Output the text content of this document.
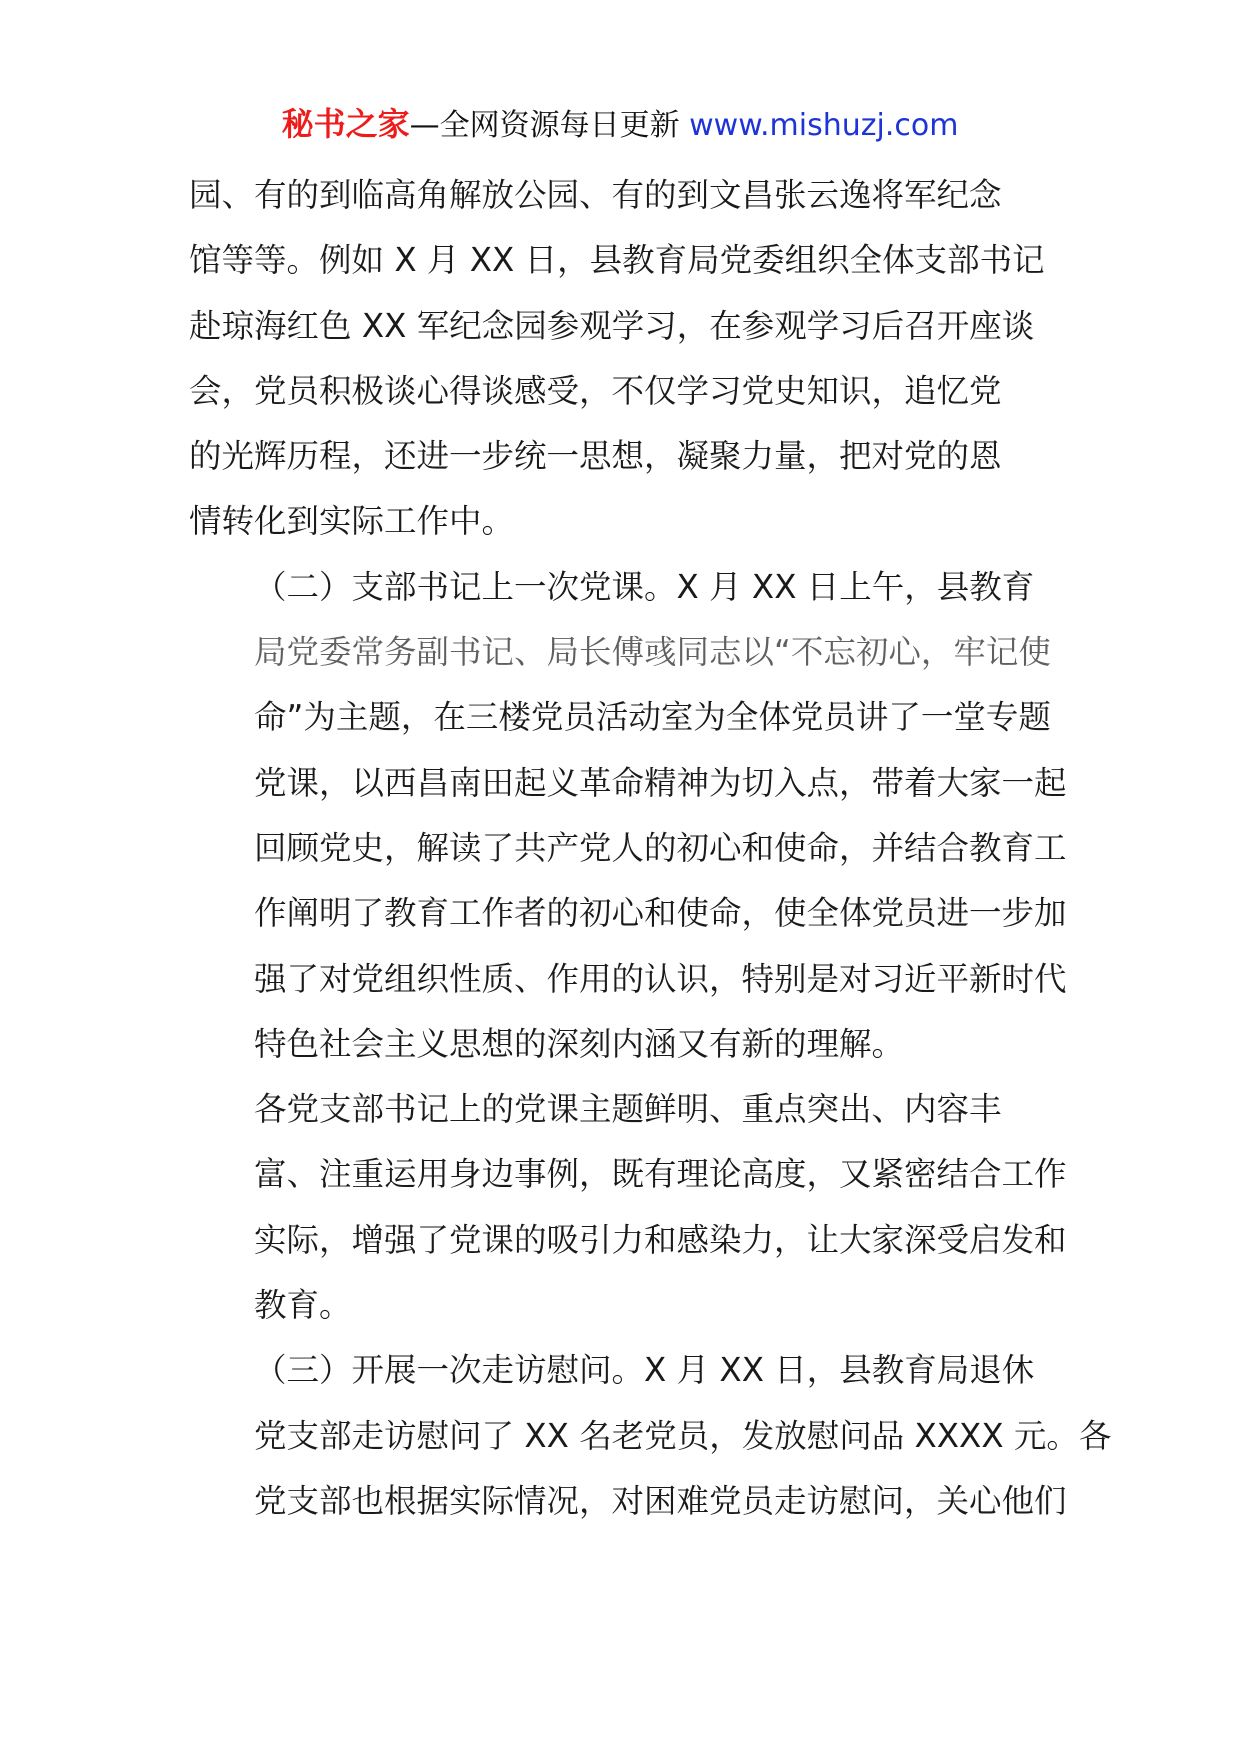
秘书之家—全网资源每日更新 www.mishuzj.com

园、有的到临高角解放公园、有的到文昌张云逸将军纪念
馆等等。例如 X 月 XX 日，县教育局党委组织全体支部书记
赴琼海红色 XX 军纪念园参观学习，在参观学习后召开座谈
会，党员积极谈心得谈感受，不仅学习党史知识，追忆党
的光辉历程，还进一步统一思想，凝聚力量，把对党的恩
情转化到实际工作中。

（二）支部书记上一次党课。X 月 XX 日上午，县教育
局党委常务副书记、局长傅彧同志以“不忘初心，牢记使
命”为主题，在三楼党员活动室为全体党员讲了一堂专题
党课，以西昌南田起义革命精神为切入点，带着大家一起
回顾党史，解读了共产党人的初心和使命，并结合教育工
作阐明了教育工作者的初心和使命，使全体党员进一步加
强了对党组织性质、作用的认识，特别是对习近平新时代
特色社会主义思想的深刻内涵又有新的理解。

各党支部书记上的党课主题鲜明、重点突出、内容丰
富、注重运用身边事例，既有理论高度，又紧密结合工作
实际，增强了党课的吸引力和感染力，让大家深受启发和
教育。

（三）开展一次走访慰问。X 月 XX 日，县教育局退休
党支部走访慰问了 XX 名老党员，发放慰问品 XXXX 元。各
党支部也根据实际情况，对困难党员走访慰问，关心他们
